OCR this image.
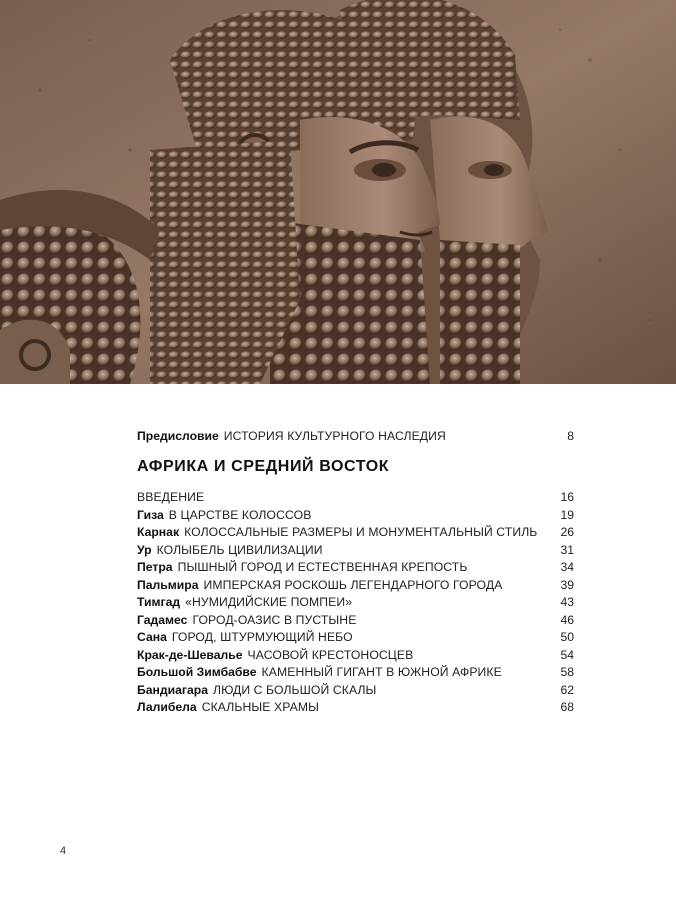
Предисловие ИСТОРИЯ КУЛЬТУРНОГО НАСЛЕДИЯ	8
АФРИКА И СРЕДНИЙ ВОСТОК
ВВЕДЕНИЕ	16
Гиза В ЦАРСТВЕ КОЛОССОВ	19
Карнак КОЛОССАЛЬНЫЕ РАЗМЕРЫ И МОНУМЕНТАЛЬНЫЙ СТИЛЬ 26
Ур КОЛЫБЕЛЬ ЦИВИЛИЗАЦИИ	31
Петра ПЫШНЫЙ ГОРОД И ЕСТЕСТВЕННАЯ КРЕПОСТЬ	34
Пальмира ИМПЕРСКАЯ РОСКОШЬ ЛЕГЕНДАРНОГО ГОРОДА	39
Тимгад «НУМИДИЙСКИЕ ПОМПЕИ»	43
Гадамес ГОРОД-ОАЗИС В ПУСТЫНЕ	46
Сана ГОРОД, ШТУРМУЮЩИЙ НЕБО	50
Крак-де-Шевалье ЧАСОВОЙ КРЕСТОНОСЦЕВ	54
Большой Зимбабве КАМЕННЫЙ ГИГАНТ В ЮЖНОЙ АФРИКЕ	58
Бандиагара ЛЮДИ С БОЛЬШОЙ СКАЛЫ	62
Лалибела СКАЛЬНЫЕ ХРАМЫ	68
4
